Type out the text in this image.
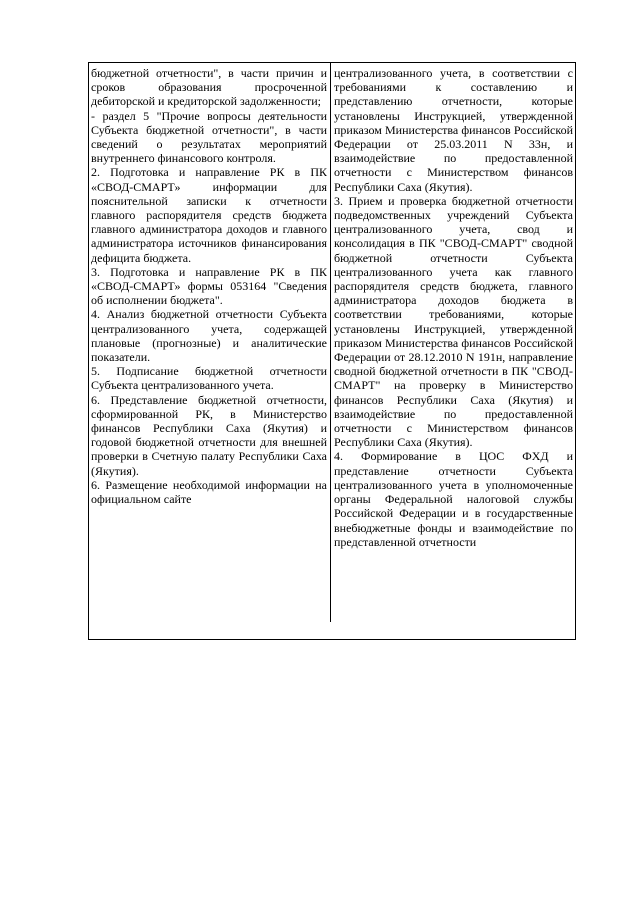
бюджетной отчетности", в части причин и сроков образования просроченной дебиторской и кредиторской задолженности;

- раздел 5 "Прочие вопросы деятельности Субъекта бюджетной отчетности", в части сведений о результатах мероприятий внутреннего финансового контроля.

2. Подготовка и направление РК в ПК «СВОД-СМАРТ» информации для пояснительной записки к отчетности главного распорядителя средств бюджета главного администратора доходов и главного администратора источников финансирования дефицита бюджета.

3. Подготовка и направление РК в ПК «СВОД-СМАРТ» формы 053164 "Сведения об исполнении бюджета".

4. Анализ бюджетной отчетности Субъекта централизованного учета, содержащей плановые (прогнозные) и аналитические показатели.

5. Подписание бюджетной отчетности Субъекта централизованного учета.

6. Представление бюджетной отчетности, сформированной РК, в Министерство финансов Республики Саха (Якутия) и годовой бюджетной отчетности для внешней проверки в Счетную палату Республики Саха (Якутия).

6. Размещение необходимой информации на официальном сайте

централизованного учета, в соответствии с требованиями к составлению и представлению отчетности, которые установлены Инструкцией, утвержденной приказом Министерства финансов Российской Федерации от 25.03.2011 N 33н, и взаимодействие по предоставленной отчетности с Министерством финансов Республики Саха (Якутия).

3. Прием и проверка бюджетной отчетности подведомственных учреждений Субъекта централизованного учета, свод и консолидация в ПК "СВОД-СМАРТ" сводной бюджетной отчетности Субъекта централизованного учета как главного распорядителя средств бюджета, главного администратора доходов бюджета в соответствии требованиями, которые установлены Инструкцией, утвержденной приказом Министерства финансов Российской Федерации от 28.12.2010 N 191н, направление сводной бюджетной отчетности в ПК "СВОД-СМАРТ" на проверку в Министерство финансов Республики Саха (Якутия) и взаимодействие по предоставленной отчетности с Министерством финансов Республики Саха (Якутия).

4. Формирование в ЦОС ФХД и представление отчетности Субъекта централизованного учета в уполномоченные органы Федеральной налоговой службы Российской Федерации и в государственные внебюджетные фонды и взаимодействие по представленной отчетности
